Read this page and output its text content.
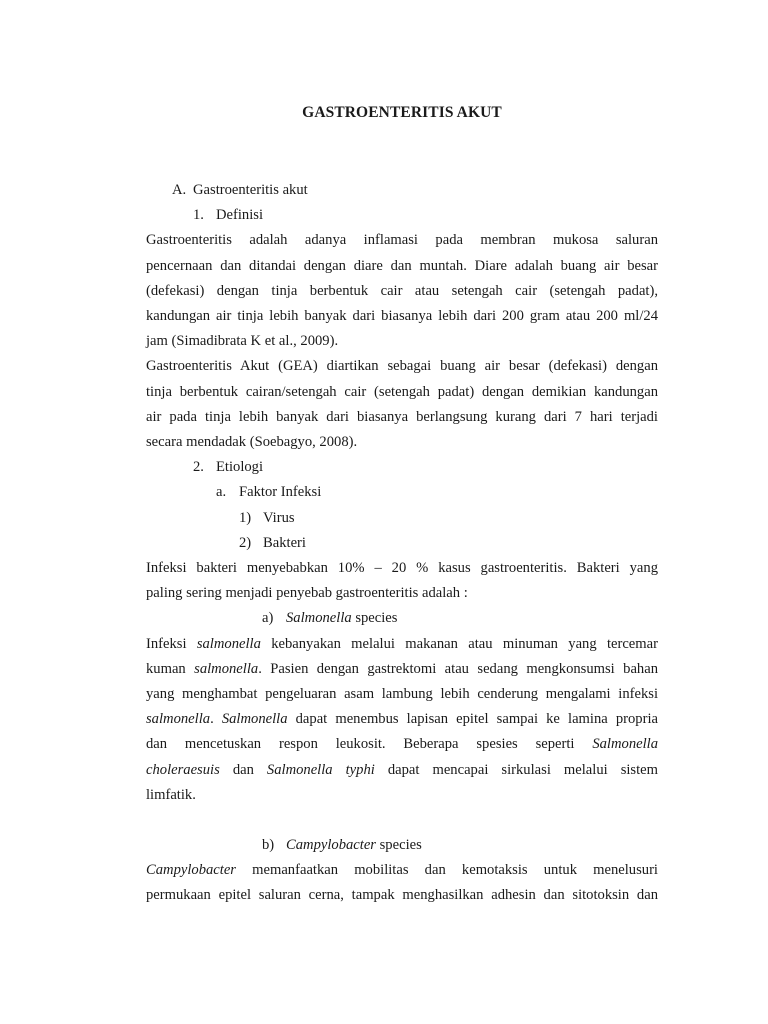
GASTROENTERITIS AKUT
A. Gastroenteritis akut
1. Definisi
Gastroenteritis adalah adanya inflamasi pada membran mukosa saluran
pencernaan dan ditandai dengan diare dan muntah. Diare adalah buang air besar
(defekasi) dengan tinja berbentuk cair atau setengah cair (setengah padat),
kandungan air tinja lebih banyak dari biasanya lebih dari 200 gram atau 200 ml/24
jam (Simadibrata K et al., 2009).
Gastroenteritis Akut (GEA) diartikan sebagai buang air besar (defekasi) dengan
tinja berbentuk cairan/setengah cair (setengah padat) dengan demikian kandungan
air pada tinja lebih banyak dari biasanya berlangsung kurang dari 7 hari terjadi
secara mendadak (Soebagyo, 2008).
2. Etiologi
a. Faktor Infeksi
1) Virus
2) Bakteri
Infeksi bakteri menyebabkan 10% – 20 % kasus gastroenteritis. Bakteri yang
paling sering menjadi penyebab gastroenteritis adalah :
a) Salmonella species
Infeksi salmonella kebanyakan melalui makanan atau minuman yang tercemar
kuman salmonella. Pasien dengan gastrektomi atau sedang mengkonsumsi bahan
yang menghambat pengeluaran asam lambung lebih cenderung mengalami infeksi
salmonella. Salmonella dapat menembus lapisan epitel sampai ke lamina propria
dan mencetuskan respon leukosit. Beberapa spesies seperti Salmonella
choleraesuis dan Salmonella typhi dapat mencapai sirkulasi melalui sistem
limfatik.
b) Campylobacter species
Campylobacter memanfaatkan mobilitas dan kemotaksis untuk menelusuri
permukaan epitel saluran cerna, tampak menghasilkan adhesin dan sitotoksin dan
